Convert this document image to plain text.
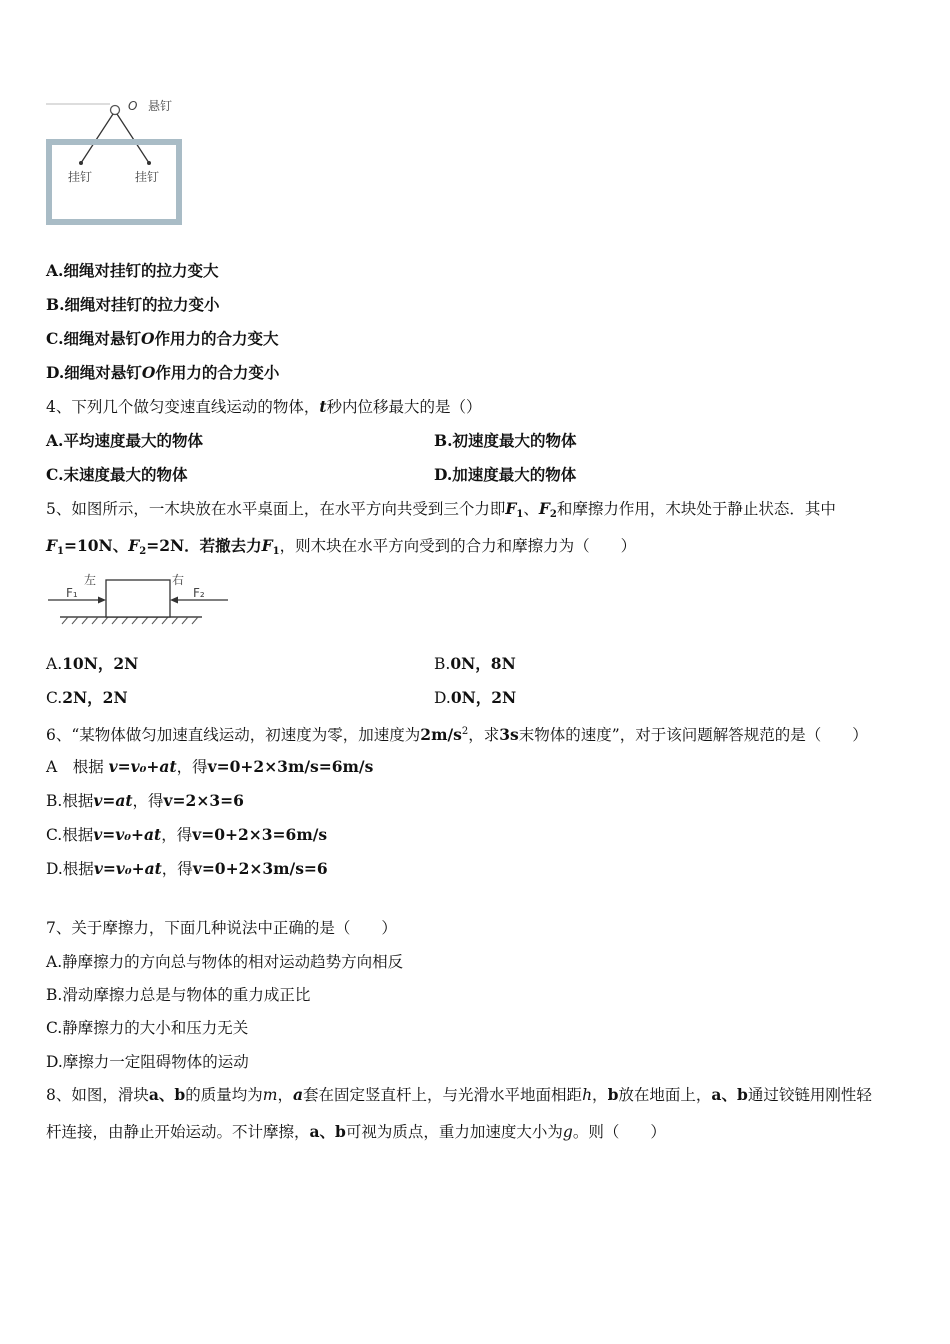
O 悬钉
挂钉	挂钉
A.细绳对挂钉的拉力变大
B.细绳对挂钉的拉力变小
C.细绳对悬钉O作用力的合力变大
D.细绳对悬钉O作用力的合力变小
4、下列几个做匀变速直线运动的物体，t秒内位移最大的是（）
A.平均速度最大的物体	B.初速度最大的物体
C.末速度最大的物体	D.加速度最大的物体
5、如图所示，一木块放在水平桌面上，在水平方向共受到三个力即$F_1$、$F_2$和摩擦力作用，木块处于静止状态．其中
$F_1=10N$、$F_2=2N$．若撤去力$F_1$，则木块在水平方向受到的合力和摩擦力为（　　）
F₁
左	右
F₂
A.10N，2N	B.0N，8N
C.2N，2N	D.0N，2N
6、“某物体做匀加速直线运动，初速度为零，加速度为$2m/s^2$，求3s末物体的速度”，对于该问题解答规范的是（　　）
A　根据 v=v₀+at，得v=0+2×3m/s=6m/s
B.根据v=at，得v=2×3=6
C.根据v=v₀+at，得v=0+2×3=6m/s
D.根据v=v₀+at，得v=0+2×3m/s=6
7、关于摩擦力，下面几种说法中正确的是（　　）
A.静摩擦力的方向总与物体的相对运动趋势方向相反
B.滑动摩擦力总是与物体的重力成正比
C.静摩擦力的大小和压力无关
D.摩擦力一定阻碍物体的运动
8、如图，滑块a、b的质量均为m，a套在固定竖直杆上，与光滑水平地面相距h，b放在地面上，a、b通过铰链用刚性轻
杆连接，由静止开始运动。不计摩擦，a、b可视为质点，重力加速度大小为g。则（　　）
